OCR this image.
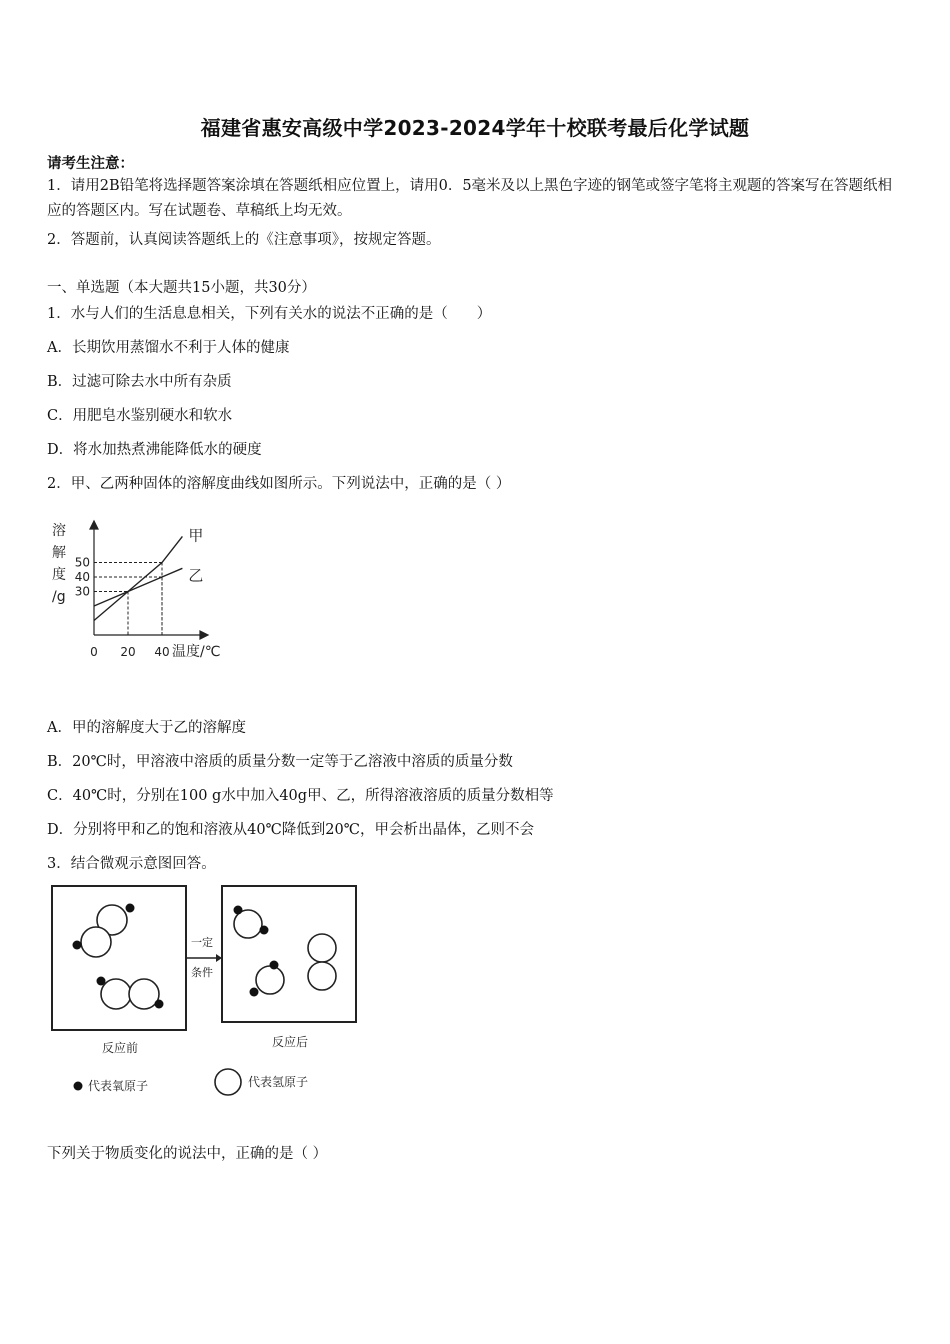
福建省惠安高级中学2023-2024学年十校联考最后化学试题
请考生注意：
1．请用2B铅笔将选择题答案涂填在答题纸相应位置上，请用0．5毫米及以上黑色字迹的钢笔或签字笔将主观题的答案写在答题纸相应的答题区内。写在试题卷、草稿纸上均无效。
2．答题前，认真阅读答题纸上的《注意事项》，按规定答题。
一、单选题（本大题共15小题，共30分）
1．水与人们的生活息息相关，下列有关水的说法不正确的是（　　）
A．长期饮用蒸馏水不利于人体的健康
B．过滤可除去水中所有杂质
C．用肥皂水鉴别硬水和软水
D．将水加热煮沸能降低水的硬度
2．甲、乙两种固体的溶解度曲线如图所示。下列说法中，正确的是（ ）
溶
解
度
/g
甲
乙
50
40
30
0 20 40 温度/℃
A．甲的溶解度大于乙的溶解度
B．20℃时，甲溶液中溶质的质量分数一定等于乙溶液中溶质的质量分数
C．40℃时，分别在100 g水中加入40g甲、乙，所得溶液溶质的质量分数相等
D．分别将甲和乙的饱和溶液从40℃降低到20℃，甲会析出晶体，乙则不会
3．结合微观示意图回答。
一定
条件
反应前	反应后
代表氧原子	代表氢原子
下列关于物质变化的说法中，正确的是（ ）
